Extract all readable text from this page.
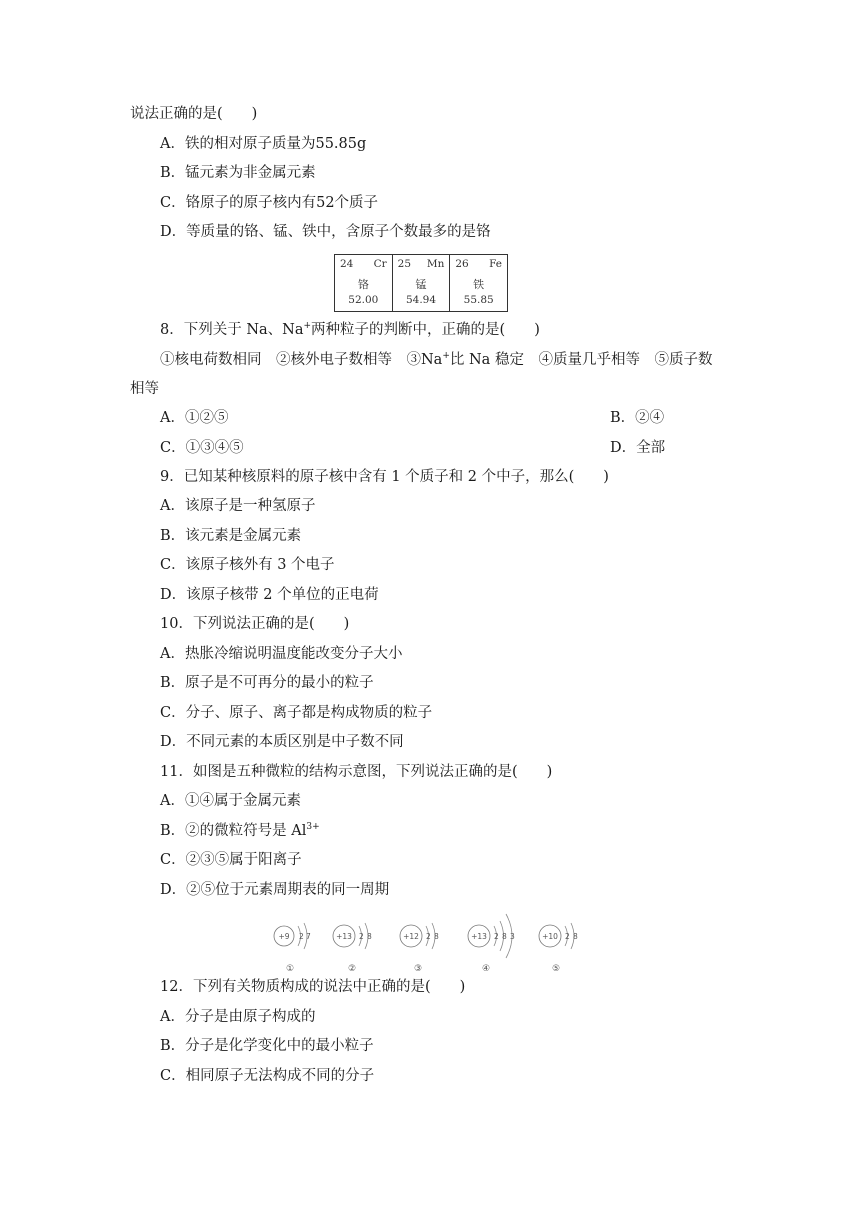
说法正确的是(　　)
A．铁的相对原子质量为55.85g
B．锰元素为非金属元素
C．铬原子的原子核内有52个质子
D．等质量的铬、锰、铁中，含原子个数最多的是铬
24 Cr
铬
52.00
25 Mn
锰
54.94
26 Fe
铁
55.85
8．下列关于 Na、Na+两种粒子的判断中，正确的是(　　)
①核电荷数相同　②核外电子数相等　③Na+比 Na 稳定　④质量几乎相等　⑤质子数
相等
A．①②⑤	B．②④
C．①③④⑤	D．全部
9．已知某种核原料的原子核中含有 1 个质子和 2 个中子，那么(　　)
A．该原子是一种氢原子
B．该元素是金属元素
C．该原子核外有 3 个电子
D．该原子核带 2 个单位的正电荷
10．下列说法正确的是(　　)
A．热胀冷缩说明温度能改变分子大小
B．原子是不可再分的最小的粒子
C．分子、原子、离子都是构成物质的粒子
D．不同元素的本质区别是中子数不同
11．如图是五种微粒的结构示意图，下列说法正确的是(　　)
A．①④属于金属元素
B．②的微粒符号是 $Al^{3+}$
C．②③⑤属于阳离子
D．②⑤位于元素周期表的同一周期
+9 2 7
①
+13 2 8
②
+12 2 8
③
+13 2 8 3
④
+10 2 8
⑤
12．下列有关物质构成的说法中正确的是(　　)
A．分子是由原子构成的
B．分子是化学变化中的最小粒子
C．相同原子无法构成不同的分子
